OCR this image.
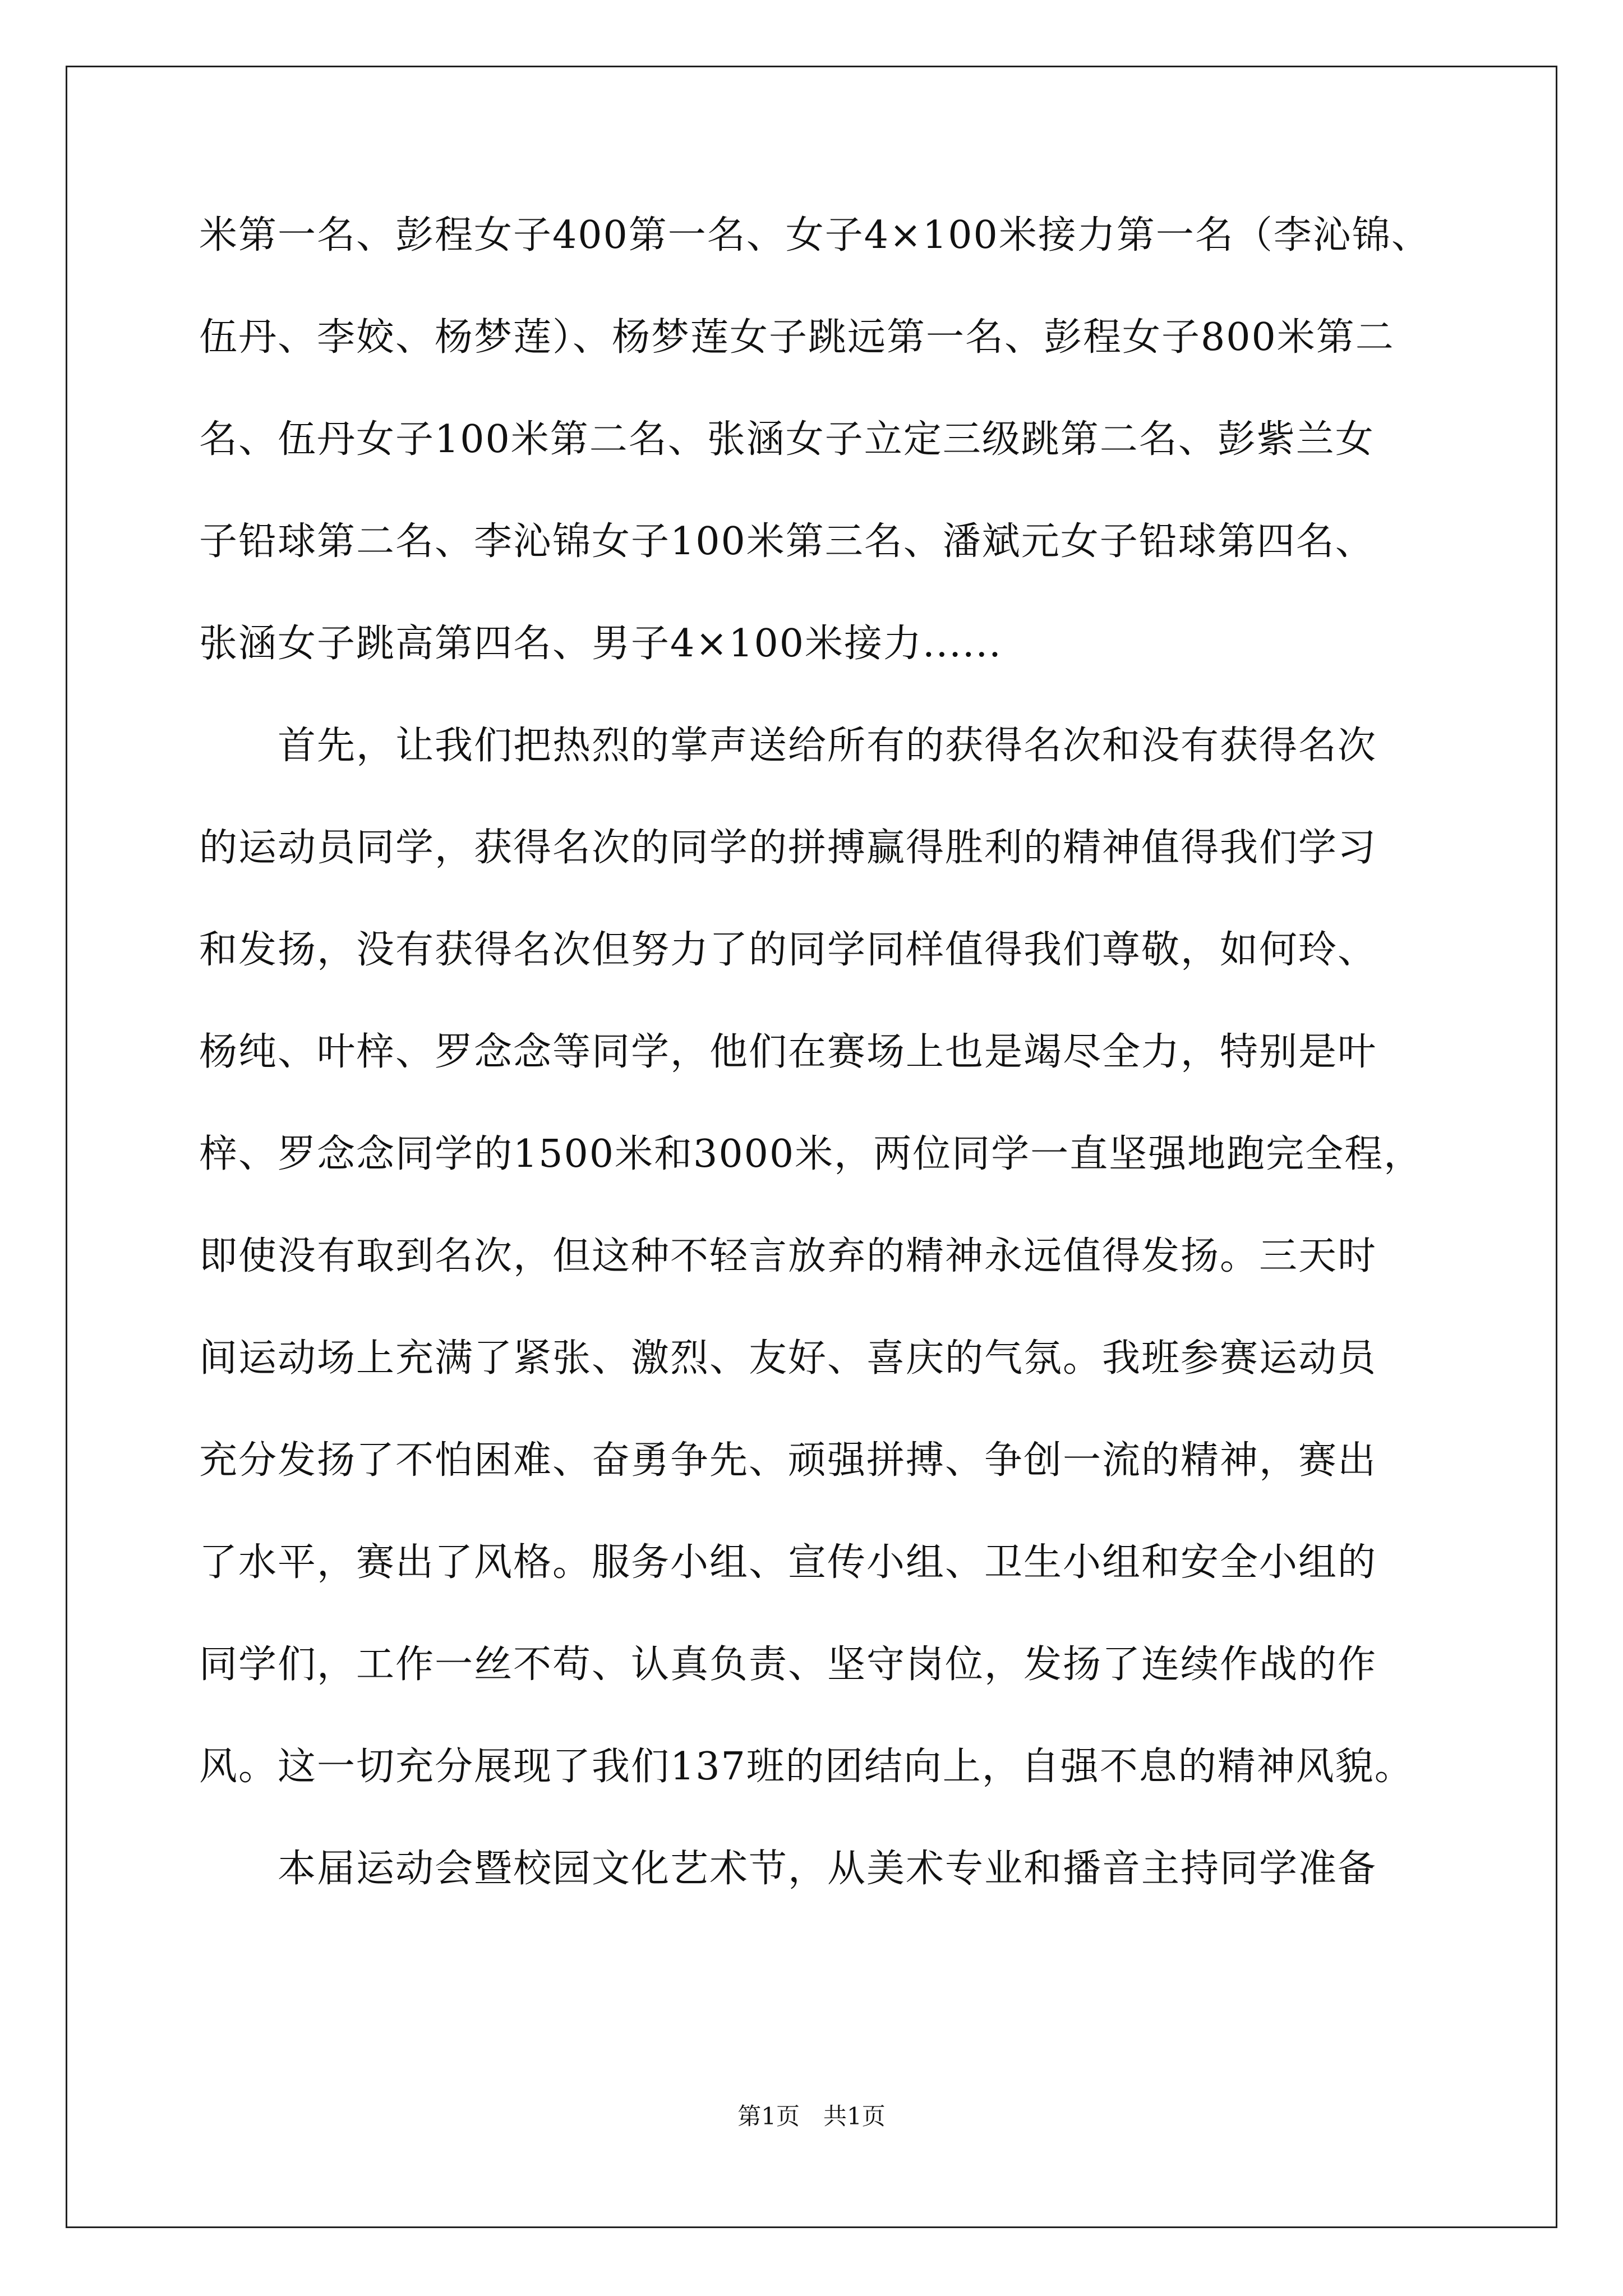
米第一名、彭程女子400第一名、女子4×100米接力第一名（李沁锦、
伍丹、李姣、杨梦莲）、杨梦莲女子跳远第一名、彭程女子800米第二
名、伍丹女子100米第二名、张涵女子立定三级跳第二名、彭紫兰女
子铅球第二名、李沁锦女子100米第三名、潘斌元女子铅球第四名、
张涵女子跳高第四名、男子4×100米接力......
　　首先，让我们把热烈的掌声送给所有的获得名次和没有获得名次
的运动员同学，获得名次的同学的拼搏赢得胜利的精神值得我们学习
和发扬，没有获得名次但努力了的同学同样值得我们尊敬，如何玲、
杨纯、叶梓、罗念念等同学，他们在赛场上也是竭尽全力，特别是叶
梓、罗念念同学的1500米和3000米，两位同学一直坚强地跑完全程，
即使没有取到名次，但这种不轻言放弃的精神永远值得发扬。三天时
间运动场上充满了紧张、激烈、友好、喜庆的气氛。我班参赛运动员
充分发扬了不怕困难、奋勇争先、顽强拼搏、争创一流的精神，赛出
了水平，赛出了风格。服务小组、宣传小组、卫生小组和安全小组的
同学们，工作一丝不苟、认真负责、坚守岗位，发扬了连续作战的作
风。这一切充分展现了我们137班的团结向上，自强不息的精神风貌。
　　本届运动会暨校园文化艺术节，从美术专业和播音主持同学准备
第1页　共1页
